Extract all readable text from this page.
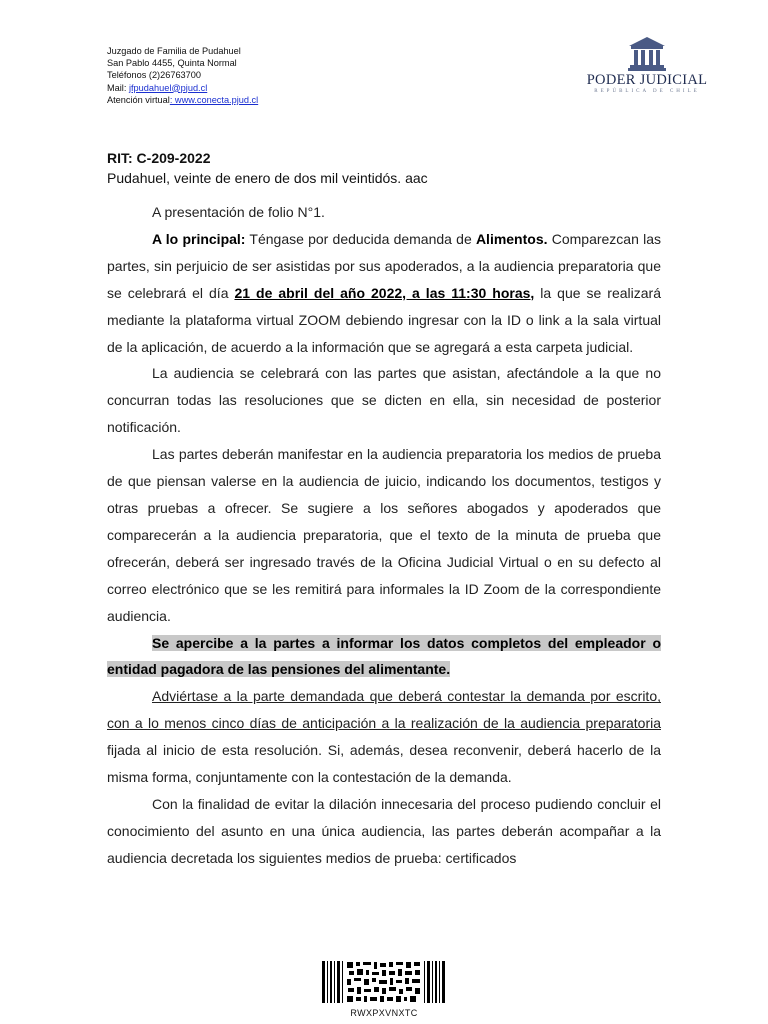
Juzgado de Familia de Pudahuel
San Pablo 4455, Quinta Normal
Teléfonos (2)26763700
Mail: jfpudahuel@pjud.cl
Atención virtual: www.conecta.pjud.cl
PODER JUDICIAL
REPÚBLICA DE CHILE
RIT: C-209-2022
Pudahuel, veinte de enero de dos mil veintidós. aac

A presentación de folio N°1.

A lo principal: Téngase por deducida demanda de Alimentos. Comparezcan las partes, sin perjuicio de ser asistidas por sus apoderados, a la audiencia preparatoria que se celebrará el día 21 de abril del año 2022, a las 11:30 horas, la que se realizará mediante la plataforma virtual ZOOM debiendo ingresar con la ID o link a la sala virtual de la aplicación, de acuerdo a la información que se agregará a esta carpeta judicial.

La audiencia se celebrará con las partes que asistan, afectándole a la que no concurran todas las resoluciones que se dicten en ella, sin necesidad de posterior notificación.

Las partes deberán manifestar en la audiencia preparatoria los medios de prueba de que piensan valerse en la audiencia de juicio, indicando los documentos, testigos y otras pruebas a ofrecer. Se sugiere a los señores abogados y apoderados que comparecerán a la audiencia preparatoria, que el texto de la minuta de prueba que ofrecerán, deberá ser ingresado través de la Oficina Judicial Virtual o en su defecto al correo electrónico que se les remitirá para informales la ID Zoom de la correspondiente audiencia.

Se apercibe a la partes a informar los datos completos del empleador o entidad pagadora de las pensiones del alimentante.

Adviértase a la parte demandada que deberá contestar la demanda por escrito, con a lo menos cinco días de anticipación a la realización de la audiencia preparatoria fijada al inicio de esta resolución. Si, además, desea reconvenir, deberá hacerlo de la misma forma, conjuntamente con la contestación de la demanda.

Con la finalidad de evitar la dilación innecesaria del proceso pudiendo concluir el conocimiento del asunto en una única audiencia, las partes deberán acompañar a la audiencia decretada los siguientes medios de prueba: certificados

RWXPXVNXTC
